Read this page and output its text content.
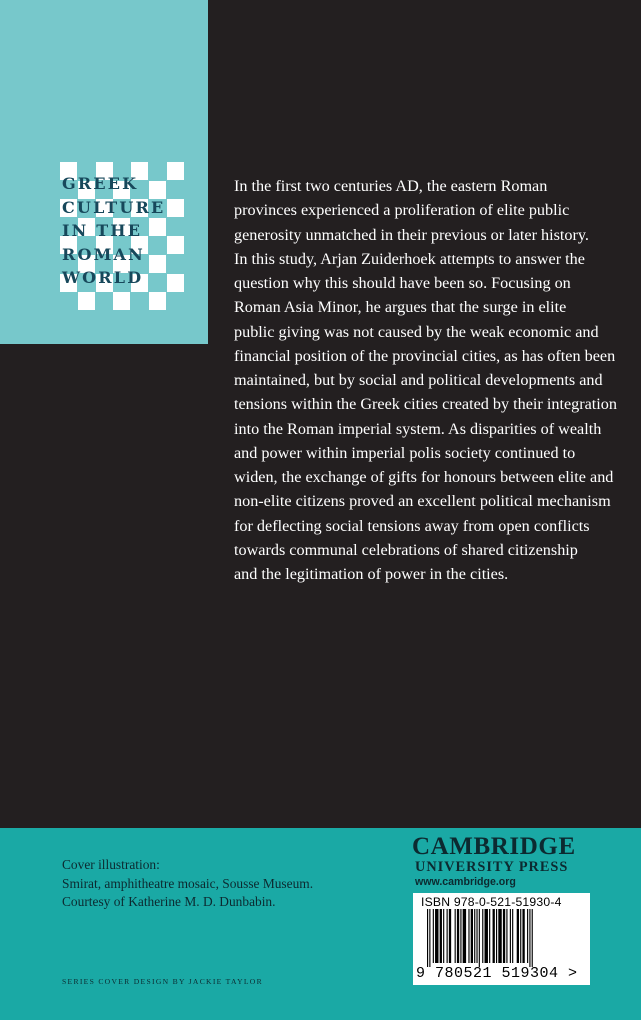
GREEK
CULTURE
IN THE
ROMAN
WORLD

In the first two centuries AD, the eastern Roman

provinces experienced a proliferation of elite public

generosity unmatched in their previous or later history.

In this study, Arjan Zuiderhoek attempts to answer the

question why this should have been so. Focusing on

Roman Asia Minor, he argues that the surge in elite

public giving was not caused by the weak economic and

financial position of the provincial cities, as has often been

maintained, but by social and political developments and

tensions within the Greek cities created by their integration

into the Roman imperial system. As disparities of wealth

and power within imperial polis society continued to

widen, the exchange of gifts for honours between elite and

non-elite citizens proved an excellent political mechanism

for deflecting social tensions away from open conflicts

towards communal celebrations of shared citizenship

and the legitimation of power in the cities.

Cover illustration:
Smirat, amphitheatre mosaic, Sousse Museum.
Courtesy of Katherine M. D. Dunbabin.
SERIES COVER DESIGN BY JACKIE TAYLOR
CAMBRIDGE
UNIVERSITY PRESS
www.cambridge.org
ISBN 978-0-521-51930-4
9 780521 519304 >
